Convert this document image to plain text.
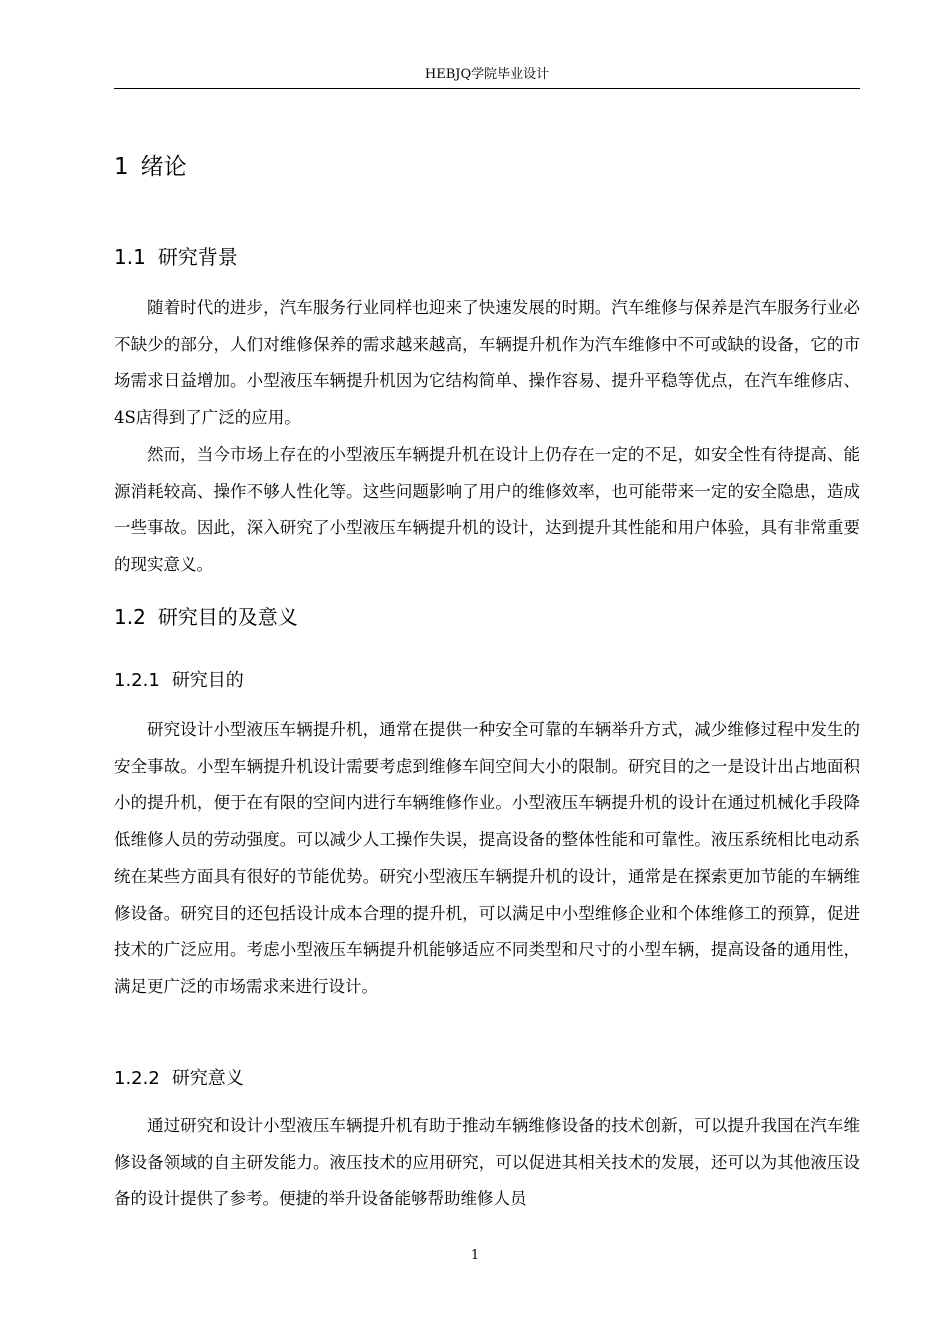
HEBJQ学院毕业设计
1 绪论
1.1 研究背景

随着时代的进步，汽车服务行业同样也迎来了快速发展的时期。汽车维修与保养是汽车服务行业必不缺少的部分，人们对维修保养的需求越来越高，车辆提升机作为汽车维修中不可或缺的设备，它的市场需求日益增加。小型液压车辆提升机因为它结构简单、操作容易、提升平稳等优点，在汽车维修店、4S店得到了广泛的应用。

然而，当今市场上存在的小型液压车辆提升机在设计上仍存在一定的不足，如安全性有待提高、能源消耗较高、操作不够人性化等。这些问题影响了用户的维修效率，也可能带来一定的安全隐患，造成一些事故。因此，深入研究了小型液压车辆提升机的设计，达到提升其性能和用户体验，具有非常重要的现实意义。

1.2 研究目的及意义
1.2.1 研究目的

研究设计小型液压车辆提升机，通常在提供一种安全可靠的车辆举升方式，减少维修过程中发生的安全事故。小型车辆提升机设计需要考虑到维修车间空间大小的限制。研究目的之一是设计出占地面积小的提升机，便于在有限的空间内进行车辆维修作业。小型液压车辆提升机的设计在通过机械化手段降低维修人员的劳动强度。可以减少人工操作失误，提高设备的整体性能和可靠性。液压系统相比电动系统在某些方面具有很好的节能优势。研究小型液压车辆提升机的设计，通常是在探索更加节能的车辆维修设备。研究目的还包括设计成本合理的提升机，可以满足中小型维修企业和个体维修工的预算，促进技术的广泛应用。考虑小型液压车辆提升机能够适应不同类型和尺寸的小型车辆，提高设备的通用性，满足更广泛的市场需求来进行设计。

1.2.2 研究意义

通过研究和设计小型液压车辆提升机有助于推动车辆维修设备的技术创新，可以提升我国在汽车维修设备领域的自主研发能力。液压技术的应用研究，可以促进其相关技术的发展，还可以为其他液压设备的设计提供了参考。便捷的举升设备能够帮助维修人员

1
